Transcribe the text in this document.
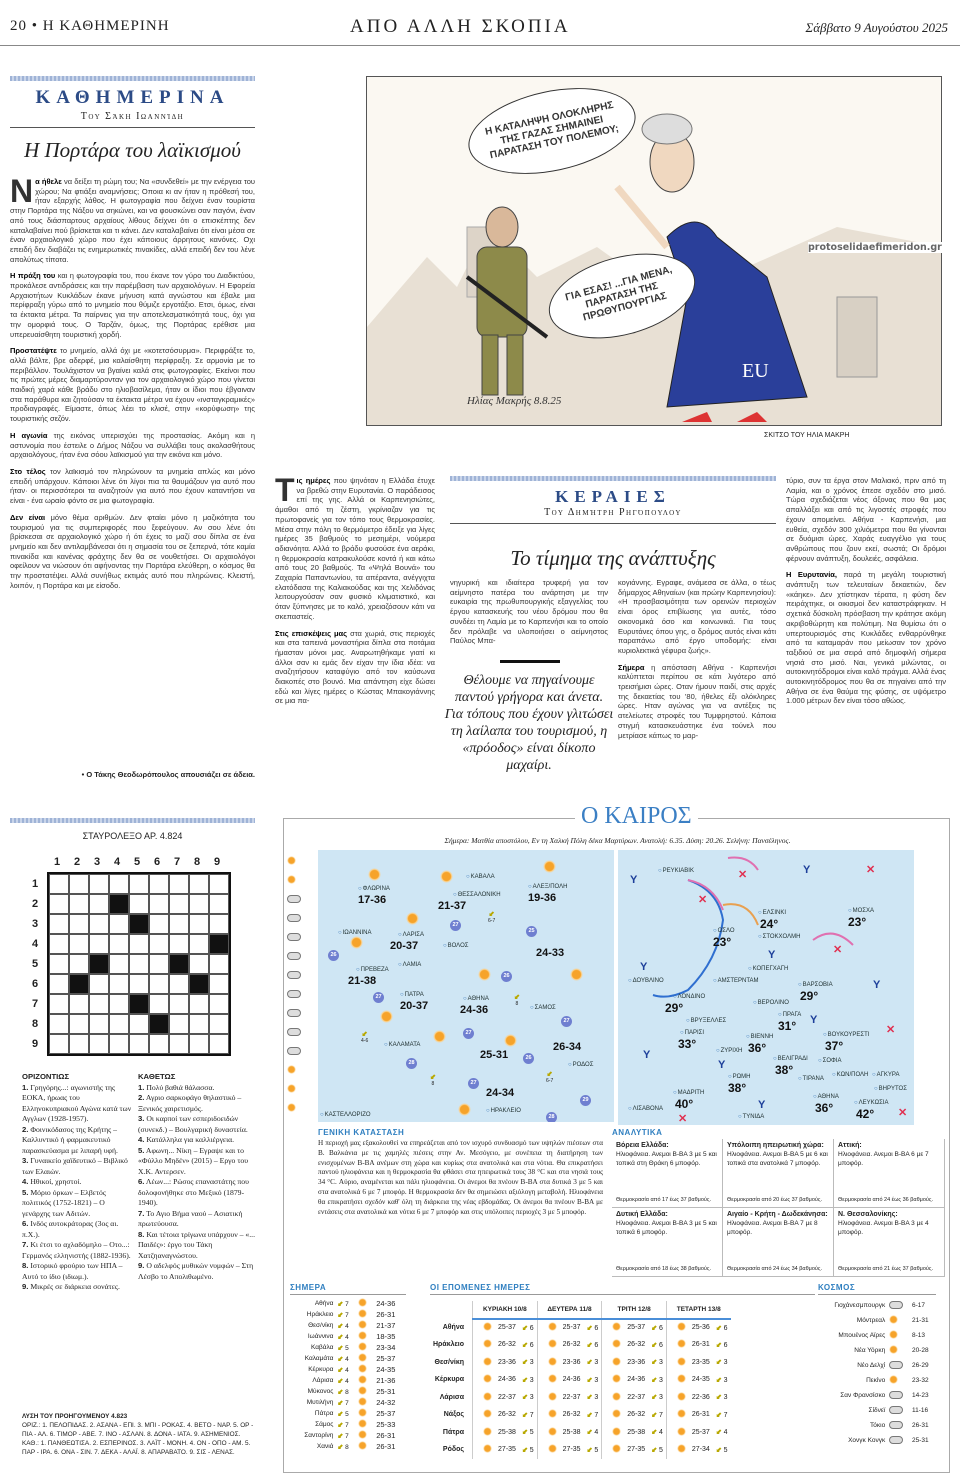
20 • Η ΚΑΘΗΜΕΡΙΝΗ	ΑΠΟ ΑΛΛΗ ΣΚΟΠΙΑ	Σάββατο 9 Αυγούστου 2025
ΚΑΘΗΜΕΡΙΝΑ
Του Σάκη Ιωαννίδη
Η Πορτάρα του λαϊκισμού

Να ήθελε να δείξει τη ρώμη του; Να «συνδεθεί» με την ενέργεια του χώρου; Να φτιάξει αναμνήσεις; Οποια κι αν ήταν η πρόθεσή του, ήταν εξαρχής λάθος. Η φωτογραφία που δείχνει έναν τουρίστα στην Πορτάρα της Νάξου να σηκώνει, και να φουσκώνει σαν παγόνι, έναν από τους διάσπαρτους αρχαίους λίθους δείχνει ότι ο επισκέπτης δεν καταλαβαίνει πού βρίσκεται και τι κάνει. Δεν καταλαβαίνει ότι είναι μέσα σε έναν αρχαιολογικό χώρο που έχει κάποιους άρρητους κανόνες. Οχι επειδή δεν διαβάζει τις ενημερωτικές πινακίδες, αλλά επειδή δεν του λένε απολύτως τίποτα.

Η πράξη του και η φωτογραφία του, που έκανε τον γύρο του Διαδικτύου, προκάλεσε αντιδράσεις και την παρέμβαση των αρχαιολόγων. Η Εφορεία Αρχαιοτήτων Κυκλάδων έκανε μήνυση κατά αγνώστου και έβαλε μια περίφραξη γύρω από το μνημείο που θύμιζε εργοτάξιο. Ετσι, όμως, είναι τα έκτακτα μέτρα. Τα παίρνεις για την αποτελεσματικότητά τους, όχι για την ομορφιά τους. Ο Ταρζάν, όμως, της Πορτάρας ερέθισε μια υπερευαίσθητη τουριστική χορδή.

Προστατέψτε το μνημείο, αλλά όχι με «κοτετσόσυρμα». Περιφράξτε το, αλλά βάλτε, βρε αδερφέ, μια καλαίσθητη περίφραξη. Σε αρμονία με το περιβάλλον. Τουλάχιστον να βγαίνει καλά στις φωτογραφίες. Εκείνοι που τις πρώτες μέρες διαμαρτύρονταν για τον αρχαιολογικό χώρο που γίνεται παιδική χαρά κάθε βράδυ στο ηλιοβασίλεμα, ήταν οι ίδιοι που έβγαιναν στα παράθυρα και ζητούσαν τα έκτακτα μέτρα να έχουν «ινσταγκραμικές» προδιαγραφές. Είμαστε, όπως λέει το κλισέ, στην «κορύφωση» της τουριστικής σεζόν.

Η αγωνία της εικόνας υπερισχύει της προστασίας. Ακόμη και η αστυνομία που έστειλε ο Δήμος Νάξου να συλλάβει τους ακολασθήτους αρχαιολόγους, ήταν ένα σόου λαϊκισμού για την εικόνα και μόνο.

Στο τέλος τον λαϊκισμό τον πληρώνουν τα μνημεία απλώς και μόνο επειδή υπάρχουν. Κάποιοι λένε ότι λίγοι πια τα θαυμάζουν για αυτό που ήταν· οι περισσότεροι τα αναζητούν για αυτό που έχουν καταντήσει να είναι - ένα ωραίο φόντο σε μια φωτογραφία.

Δεν είναι μόνο θέμα αριθμών. Δεν φταίει μόνο η μαζικότητα του τουρισμού για τις συμπεριφορές που ξεφεύγουν. Αν σου λένε ότι βρίσκεσαι σε αρχαιολογικό χώρο ή ότι έχεις το μαζί σου δίπλα σε ένα μνημείο και δεν αντιλαμβάνεσαι ότι η σημασία του σε ξεπερνά, τότε καμία πινακίδα και κανένας φράχτης δεν θα σε νουθετήσει. Οι αρχαιολόγοι οφείλουν να νιώσουν ότι αφήνοντας την Πορτάρα ελεύθερη, ο κόσμος θα την προστατέψει. Αλλά συνήθως εκτιμάς αυτό που πληρώνεις. Κλειστή, λοιπόν, η Πορτάρα και με είσοδο.

• Ο Τάκης Θεοδωρόπουλος απουσιάζει σε άδεια.
EU
Η ΚΑΤΑΛΗΨΗ ΟΛΟΚΛΗΡΗΣ ΤΗΣ ΓΑΖΑΣ ΣΗΜΑΙΝΕΙ ΠΑΡΑΤΑΣΗ ΤΟΥ ΠΟΛΕΜΟΥ;
ΓΙΑ ΕΣΑΣ! ...ΓΙΑ ΜΕΝΑ, ΠΑΡΑΤΑΣΗ ΤΗΣ ΠΡΩΘΥΠΟΥΡΓΙΑΣ
Ηλίας Μακρής 8.8.25
protoselidaefimeridon.gr
ΣΚΙΤΣΟ ΤΟΥ ΗΛΙΑ ΜΑΚΡΗ

Τις ημέρες που ψηνόταν η Ελλάδα έτυχε να βρεθώ στην Ευρυτανία. Ο παράδεισος επί της γης. Αλλά οι Καρπενησιώτες, άμαθοι από τη ζέστη, γκρίνιαζαν για τις πρωτοφανείς για τον τόπο τους θερμοκρασίες. Μέσα στην πόλη το θερμόμετρο έδειξε για λίγες ημέρες 35 βαθμούς το μεσημέρι, νούμερα αδιανόητα. Αλλά το βράδυ φυσούσε ένα αεράκι, η θερμοκρασία κατρακυλούσε κοντά ή και κάτω από τους 20 βαθμούς. Τα «Ψηλά Βουνά» του Ζαχαρία Παπαντωνίου, τα απέραντα, ανέγγιχτα ελατόδασα της Καλιακούδας και της Χελιδόνας λειτουργούσαν σαν φυσικό κλιματιστικό, και όταν ξύπνησες με το καλό, χρειαζόσουν κάτι να σκεπαστείς.

Στις επισκέψεις μας στα χωριά, στις περιοχές και στα ταπεινά μοναστήρια δίπλα στα ποτάμια ήμασταν μόνοι μας. Αναρωτηθήκαμε γιατί κι άλλοι σαν κι εμάς δεν είχαν την ίδια ιδέα: να αναζητήσουν καταφύγιο από τον καύσωνα διακοπές στο βουνό. Μια απάντηση είχε δώσει εδώ και λίγες ημέρες ο Κώστας Μπακογιάννης σε μια πα-

ΚΕΡΑΙΕΣ
Του Δημήτρη Ρηγόπουλου
Το τίμημα της ανάπτυξης

νηγυρική και ιδιαίτερα τρυφερή για τον αείμνηστο πατέρα του ανάρτηση με την ευκαιρία της πρωθυπουργικής εξαγγελίας του έργου κατασκευής του νέου δρόμου που θα συνδέει τη Λαμία με το Καρπενήσι και το οποίο δεν πρόλαβε να υλοποιήσει ο αείμνηστος Παύλος Μπα-

Θέλουμε να πηγαίνουμε παντού γρήγορα και άνετα. Για τόπους που έχουν γλιτώσει τη λαίλαπα του τουρισμού, η «πρόοδος» είναι δίκοπο μαχαίρι.

κογιάννης. Εγραφε, ανάμεσα σε άλλα, ο τέως δήμαρχος Αθηναίων (και πρώην Καρπενησίου): «Η προσβασιμότητα των ορεινών περιοχών είναι όρος επιβίωσης για αυτές, τόσο οικονομικά όσο και κοινωνικά. Για τους Ευρυτάνες όπου γης, ο δρόμος αυτός είναι κάτι παραπάνω από έργο υποδομής: είναι κυριολεκτικά γέφυρα ζωής».

Σήμερα η απόσταση Αθήνα - Καρπενήσι καλύπτεται περίπου σε κάτι λιγότερο από τρεισήμισι ώρες. Οταν ήμουν παιδί, στις αρχές της δεκαετίας του '80, ήθελες έξι ολόκληρες ώρες. Ηταν αγώνας για να αντέξεις τις ατελείωτες στροφές του Τυμφρηστού. Κάποια στιγμή κατασκευάστηκε ένα τούνελ που μετρίασε κάπως το μαρ-

τύριο, συν τα έργα στον Μαλιακό, πριν από τη Λαμία, και ο χρόνος έπεσε σχεδόν στο μισό. Τώρα σχεδιάζεται νέος άξονας που θα μας απαλλάξει και από τις λιγοστές στροφές που έχουν απομείνει. Αθήνα - Καρπενήσι, μια ευθεία, σχεδόν 300 χιλιόμετρα που θα γίνονται σε δυόμισι ώρες. Χαράς ευαγγέλιο για τους ανθρώπους που ζουν εκεί, σωστά; Οι δρόμοι φέρνουν ανάπτυξη, δουλειές, ασφάλεια.

Η Ευρυτανία, παρά τη μεγάλη τουριστική ανάπτυξη των τελευταίων δεκαετιών, δεν «κάηκε». Δεν χτίστηκαν τέρατα, η φύση δεν πειράχτηκε, οι οικισμοί δεν καταστράφηκαν. Η σχετικά δύσκολη πρόσβαση την κράτησε ακόμη ακριβοθώρητη και πολύτιμη. Να θυμίσω ότι ο υπερτουρισμός στις Κυκλάδες ενθαρρύνθηκε από τα καταμαράν που μείωσαν τον χρόνο ταξιδιού σε μια σειρά από δημοφιλή σήμερα νησιά στο μισό. Ναι, γενικά μιλώντας, οι αυτοκινητόδρομοι είναι καλό πράγμα. Αλλά ένας αυτοκινητόδρομος που θα σε πηγαίνει από την Αθήνα σε ένα θαύμα της φύσης, σε υψόμετρο 1.000 μέτρων δεν είναι τόσο αθώος.

ΣΤΑΥΡΟΛΕΞΟ ΑΡ. 4.824
1	2	3	4	5	6	7	8	9
1
2
3
4
5
6
7
8
9
ΟΡΙΖΟΝΤΙΩΣ
1. Γρηγόρης...: αγωνιστής της ΕΟΚΑ, ήρωας του Ελληνοκυπριακού Αγώνα κατά των Αγγλων (1928-1957).
2. Φοινικόδασος της Κρήτης – Καλλυντικό ή φαρμακευτικό παρασκεύασμα με λιπαρή υφή.
3. Γυναικείο χαϊδευτικό – Βιβλικό των Ελαιών.
4. Ηθικοί, χρηστοί.
5. Μόριο όρκων – Ελβετός πολιτικός (1752-1821) – Ο γενάρχης των Αδιτών.
6. Ινδός αυτοκράτορας (3ος αι. π.Χ.).
7. Κι έτσι το αχλαδόμηλο – Οτο...: Γερμανός ελληνιστής (1882-1936).
8. Ιστορικό φρούριο των ΗΠΑ – Αυτό το ίδιο (ιδιωμ.).
9. Μικρές σε διάρκεια σονάτες.
ΚΑΘΕΤΩΣ
1. Πολύ βαθιά θάλασσα.
2. Αγριο σαρκοφάγο θηλαστικό – Ξενικός χαιρετισμός.
3. Οι καρποί των εσπεριδοειδών (συνεκδ.) – Βουλγαρική δυναστεία.
4. Κατάλληλα για καλλιέργεια.
5. Αφωνη... Νίκη – Εγραψε και το «Φύλλο Μηδέν» (2015) – Εργο του Χ.Κ. Αντερσεν.
6. Λέων...: Ρώσος επαναστάτης που δολοφονήθηκε στο Μεξικό (1879-1940).
7. Το Αγιο Βήμα ναού – Ασιατική πρωτεύουσα.
8. Και τέτοια τρίγωνα υπάρχουν – «... Παιδές»: έργο του Τάκη Χατζηαναγνώστου.
9. Ο αδελφός μυθικών νυμφών – Στη Λέσβο το Απολιθωμένο.
ΛΥΣΗ ΤΟΥ ΠΡΟΗΓΟΥΜΕΝΟΥ 4.823
ΟΡΙΖ.: 1. ΠΕΛΟΠΙΔΑΣ. 2. ΑΣΑΝΑ - ΕΠΙ. 3. ΜΠΙ - ΡΟΚΑΣ. 4. ΒΕΤΟ - ΝΑΡ. 5. ΟΡ - ΠΙΑ - ΑΛ. 6. ΤΙΜΟΡ - ΑΒΕ. 7. ΙΝΟ - ΑΣΛΑΝ. 8. ΔΟΝΑ - ΙΑΤΑ. 9. ΑΣΗΜΕΝΙΟΣ.
ΚΑΘ.: 1. ΠΑΝΘΕΩΤΙΣΑ. 2. ΕΣΠΕΡΙΝΟΣ. 3. ΛΑΪΤ - ΜΟΝΗ. 4. ΟΝ - ΟΠΟ - ΑΜ. 5. ΠΑΡ - ΙΡΑ. 6. ΟΝΑ - ΣΙΝ. 7. ΔΕΚΑ - ΑΛΑΪ. 8. ΑΠΑΡΑΒΑΤΟ. 9. ΣΙΣ - ΛΕΝΑΣ.
Ο ΚΑΙΡΟΣ
Σήμερα: Ματθία αποστόλου, Εν τη Χαλκή Πόλη δέκα Μαρτύρων. Ανατολή: 6.35. Δύση: 20.26. Σελήνη: Πανσέληνος.
○ ΦΛΩΡΙΝΑ
17-36
○ ΚΑΒΑΛΑ
○ ΘΕΣΣΑΛΟΝΙΚΗ
21-37
○ ΑΛΕΞ/ΠΟΛΗ
19-36
○ ΙΩΑΝΝΙΝΑ	○ ΛΑΡΙΣΑ
20-37	○ ΒΟΛΟΣ
○ ΛΑΜΙΑ
○ ΠΡΕΒΕΖΑ
21-38
○ ΠΑΤΡΑ
20-37
○ ΑΘΗΝΑ
24-36	○ ΣΑΜΟΣ
○ ΚΑΛΑΜΑΤΑ
○ ΡΟΔΟΣ
○ ΗΡΑΚΛΕΙΟ
○ ΚΑΣΤΕΛΛΟΡΙΖΟ
24-33
25-31
26-34
24-34
26
27
25
26
27
27
27
28
27
26
29
28
⬋
6-7
⬋
4-6
⬋
8
⬋
8
⬋
6-7
○ ΡΕΥΚΙΑΒΙΚ
○ ΕΛΣΙΝΚΙ
24°
○ ΣΤΟΚΧΟΛΜΗ
○ ΟΣΛΟ
23°
○ ΜΟΣΧΑ
23°
○ ΚΟΠΕΓΧΑΓΗ
○ ΔΟΥΒΛΙΝΟ	○ ΑΜΣΤΕΡΝΤΑΜ
○ ΒΑΡΣΟΒΙΑ
29°
○ ΛΟΝΔΙΝΟ
29°	○ ΒΕΡΟΛΙΝΟ
○ ΒΡΥΞΕΛΛΕΣ
○ ΠΡΑΓΑ
31°
○ ΠΑΡΙΣΙ
33°	○ ΖΥΡΙΧΗ
○ ΒΙΕΝΝΗ
36°
○ ΒΟΥΚΟΥΡΕΣΤΙ
37°
○ ΒΕΛΙΓΡΑΔΙ
38°
○ ΣΟΦΙΑ
○ ΤΙΡΑΝΑ
○ ΚΩΝ/ΠΟΛΗ	○ ΑΓΚΥΡΑ
○ ΡΩΜΗ
38°
○ ΜΑΔΡΙΤΗ
40°
○ ΛΙΣΑΒΟΝΑ
○ ΑΘΗΝΑ
36°	○ ΛΕΥΚΩΣΙΑ
42°
○ ΤΥΝΙΔΑ
○ ΒΗΡΥΤΟΣ
Y
Y
Y
Y
Y
Y
Y
Y
Y
✕
✕	✕
✕
✕
✕
✕
ΓΕΝΙΚΗ ΚΑΤΑΣΤΑΣΗ
Η περιοχή μας εξακολουθεί να επηρεάζεται από τον ισχυρό συνδυασμό των υψηλών πιέσεων στα Β. Βαλκάνια με τις χαμηλές πιέσεις στην Αν. Μεσόγειο, με συνέπεια τη διατήρηση των ενισχυμένων Β-ΒΑ ανέμων στη χώρα και κυρίως στα ανατολικά και στα νότια. Θα επικρατήσει παντού ηλιοφάνεια και η θερμοκρασία θα φθάσει στα ηπειρωτικά τους 38 °C και στα νησιά τους 34 °C. Αύριο, αναμένεται και πάλι ηλιοφάνεια. Οι άνεμοι θα πνέουν Β-ΒΑ στα δυτικά 3 με 5 και στα ανατολικά 6 με 7 μποφόρ. Η θερμοκρασία δεν θα σημειώσει αξιόλογη μεταβολή. Ηλιοφάνεια θα επικρατήσει σχεδόν καθ' όλη τη διάρκεια της νέας εβδομάδας. Οι άνεμοι θα πνέουν Β-ΒΑ με εντάσεις στα ανατολικά και νότια 6 με 7 μποφόρ και στις υπόλοιπες περιοχές 3 με 5 μποφόρ.
ΑΝΑΛΥΤΙΚΑ
Βόρεια Ελλάδα:
Ηλιοφάνεια. Ανεμοι Β-ΒΑ 3 με 5 και τοπικά στη Θράκη 6 μποφόρ.
Θερμοκρασία από 17 έως 37 βαθμούς.
Υπόλοιπη ηπειρωτική χώρα:
Ηλιοφάνεια. Ανεμοι Β-ΒΑ 5 με 6 και τοπικά στα ανατολικά 7 μποφόρ.
Θερμοκρασία από 20 έως 37 βαθμούς.
Αττική:
Ηλιοφάνεια. Ανεμοι Β-ΒΑ 6 με 7 μποφόρ.
Θερμοκρασία από 24 έως 36 βαθμούς.
Δυτική Ελλάδα:
Ηλιοφάνεια. Ανεμοι Β-ΒΑ 3 με 5 και τοπικά 6 μποφόρ.
Θερμοκρασία από 18 έως 38 βαθμούς.
Αιγαίο - Κρήτη - Δωδεκάνησα:
Ηλιοφάνεια. Ανεμοι Β-ΒΑ 7 με 8 μποφόρ.
Θερμοκρασία από 24 έως 34 βαθμούς.
Ν. Θεσσαλονίκης:
Ηλιοφάνεια. Ανεμοι Β-ΒΑ 3 με 4 μποφόρ.
Θερμοκρασία από 21 έως 37 βαθμούς.
ΣΗΜΕΡΑ
Αθήνα	⬋ 7		24-36
Ηράκλειο	⬋ 7		26-31
Θεσ/νίκη	⬋ 4		21-37
Ιωάννινα	⬋ 4		18-35
Καβάλα	⬋ 5		23-34
Καλαμάτα	⬋ 4		25-37
Κέρκυρα	⬋ 4		24-35
Λάρισα	⬋ 4		21-36
Μύκονος	⬋ 8		25-31
Μυτιλήνη	⬋ 7		24-32
Πάτρα	⬋ 5		25-37
Σάμος	⬋ 7		25-33
Σαντορίνη	⬋ 7		26-31
Χανιά	⬋ 8		26-31
ΟΙ ΕΠΟΜΕΝΕΣ ΗΜΕΡΕΣ
	ΚΥΡΙΑΚΗ 10/8			ΔΕΥΤΕΡΑ 11/8			ΤΡΙΤΗ 12/8			ΤΕΤΑΡΤΗ 13/8		
Αθήνα		25-37	⬋ 6		25-37	⬋ 6		25-37	⬋ 6		25-36	⬋ 6
Ηράκλειο		26-32	⬋ 6		26-32	⬋ 6		26-32	⬋ 6		26-31	⬋ 6
Θεσ/νίκη		23-36	⬋ 3		23-36	⬋ 3		23-36	⬋ 3		23-35	⬋ 3
Κέρκυρα		24-36	⬋ 3		24-36	⬋ 3		24-36	⬋ 3		24-35	⬋ 3
Λάρισα		22-37	⬋ 3		22-37	⬋ 3		22-37	⬋ 3		22-36	⬋ 3
Νάξος		26-32	⬋ 7		26-32	⬋ 7		26-32	⬋ 7		26-31	⬋ 7
Πάτρα		25-38	⬋ 5		25-38	⬋ 4		25-38	⬋ 4		25-37	⬋ 4
Ρόδος		27-35	⬋ 5		27-35	⬋ 5		27-35	⬋ 5		27-34	⬋ 5
ΚΟΣΜΟΣ
Γιοχάνεσμπουργκ		6-17
Μόντρεαλ		21-31
Μπουένος Αϊρες		8-13
Νέα Υόρκη		20-28
Νέο Δελχί		26-29
Πεκίνο		23-32
Σαν Φρανσίσκο		14-23
Σίδνεϊ		11-16
Τόκιο		26-31
Χονγκ Κονγκ		25-31
